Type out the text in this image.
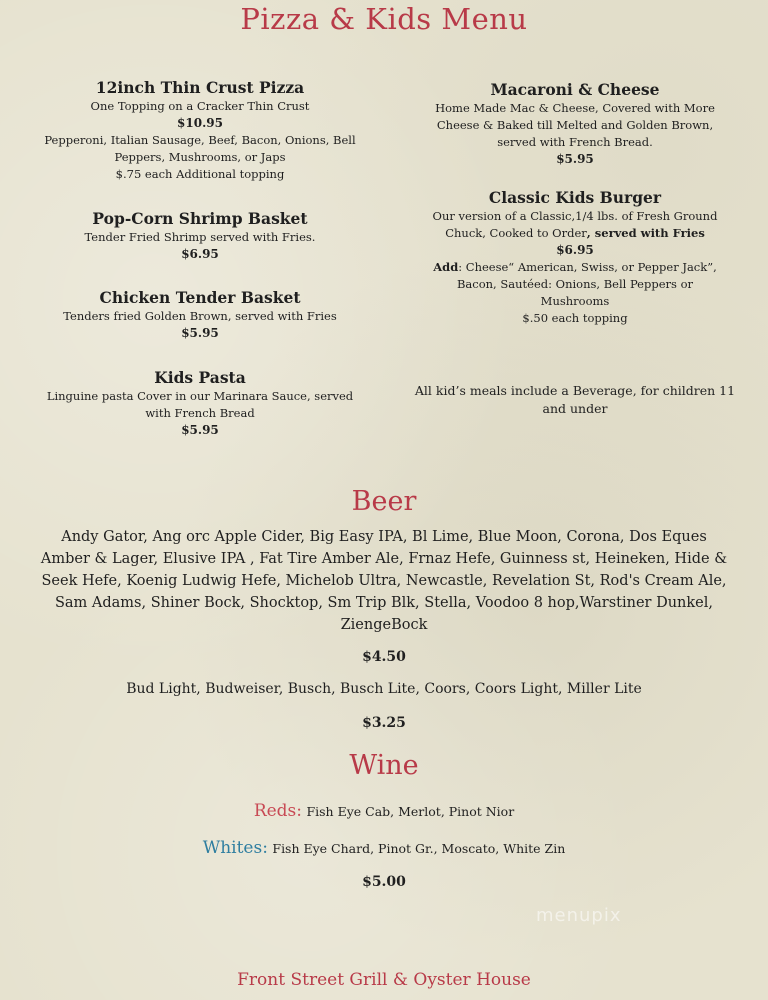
Pizza & Kids Menu
12inch Thin Crust Pizza
One Topping on a Cracker Thin Crust
$10.95
Pepperoni, Italian Sausage, Beef, Bacon, Onions, Bell
Peppers, Mushrooms, or Japs
$.75 each Additional topping
Pop-Corn Shrimp Basket
Tender Fried Shrimp served with Fries.
$6.95
Chicken Tender Basket
Tenders fried Golden Brown, served with Fries
$5.95
Kids Pasta
Linguine pasta Cover in our Marinara Sauce, served
with French Bread
$5.95
Macaroni & Cheese
Home Made Mac & Cheese, Covered with More
Cheese & Baked till Melted and Golden Brown,
served with French Bread.
$5.95
Classic Kids Burger
Our version of a Classic,1/4 lbs. of Fresh Ground
Chuck, Cooked to Order, served with Fries
$6.95
Add: Cheese“ American, Swiss, or Pepper Jack”,
Bacon, Sautéed: Onions, Bell Peppers or
Mushrooms
$.50 each topping
All kid’s meals include a Beverage, for children 11
and under
Beer
Andy Gator, Ang orc Apple Cider, Big Easy IPA, Bl Lime, Blue Moon, Corona, Dos Eques
Amber & Lager, Elusive IPA , Fat Tire Amber Ale, Frnaz Hefe, Guinness st, Heineken, Hide &
Seek Hefe, Koenig Ludwig Hefe, Michelob Ultra, Newcastle, Revelation St, Rod's Cream Ale,
Sam Adams, Shiner Bock, Shocktop, Sm Trip Blk, Stella, Voodoo 8 hop,Warstiner Dunkel,
ZiengeBock
$4.50
Bud Light, Budweiser, Busch, Busch Lite, Coors, Coors Light, Miller Lite
$3.25
Wine
Reds: Fish Eye Cab, Merlot, Pinot Nior
Whites: Fish Eye Chard, Pinot Gr., Moscato, White Zin
$5.00
menupix
Front Street Grill & Oyster House
